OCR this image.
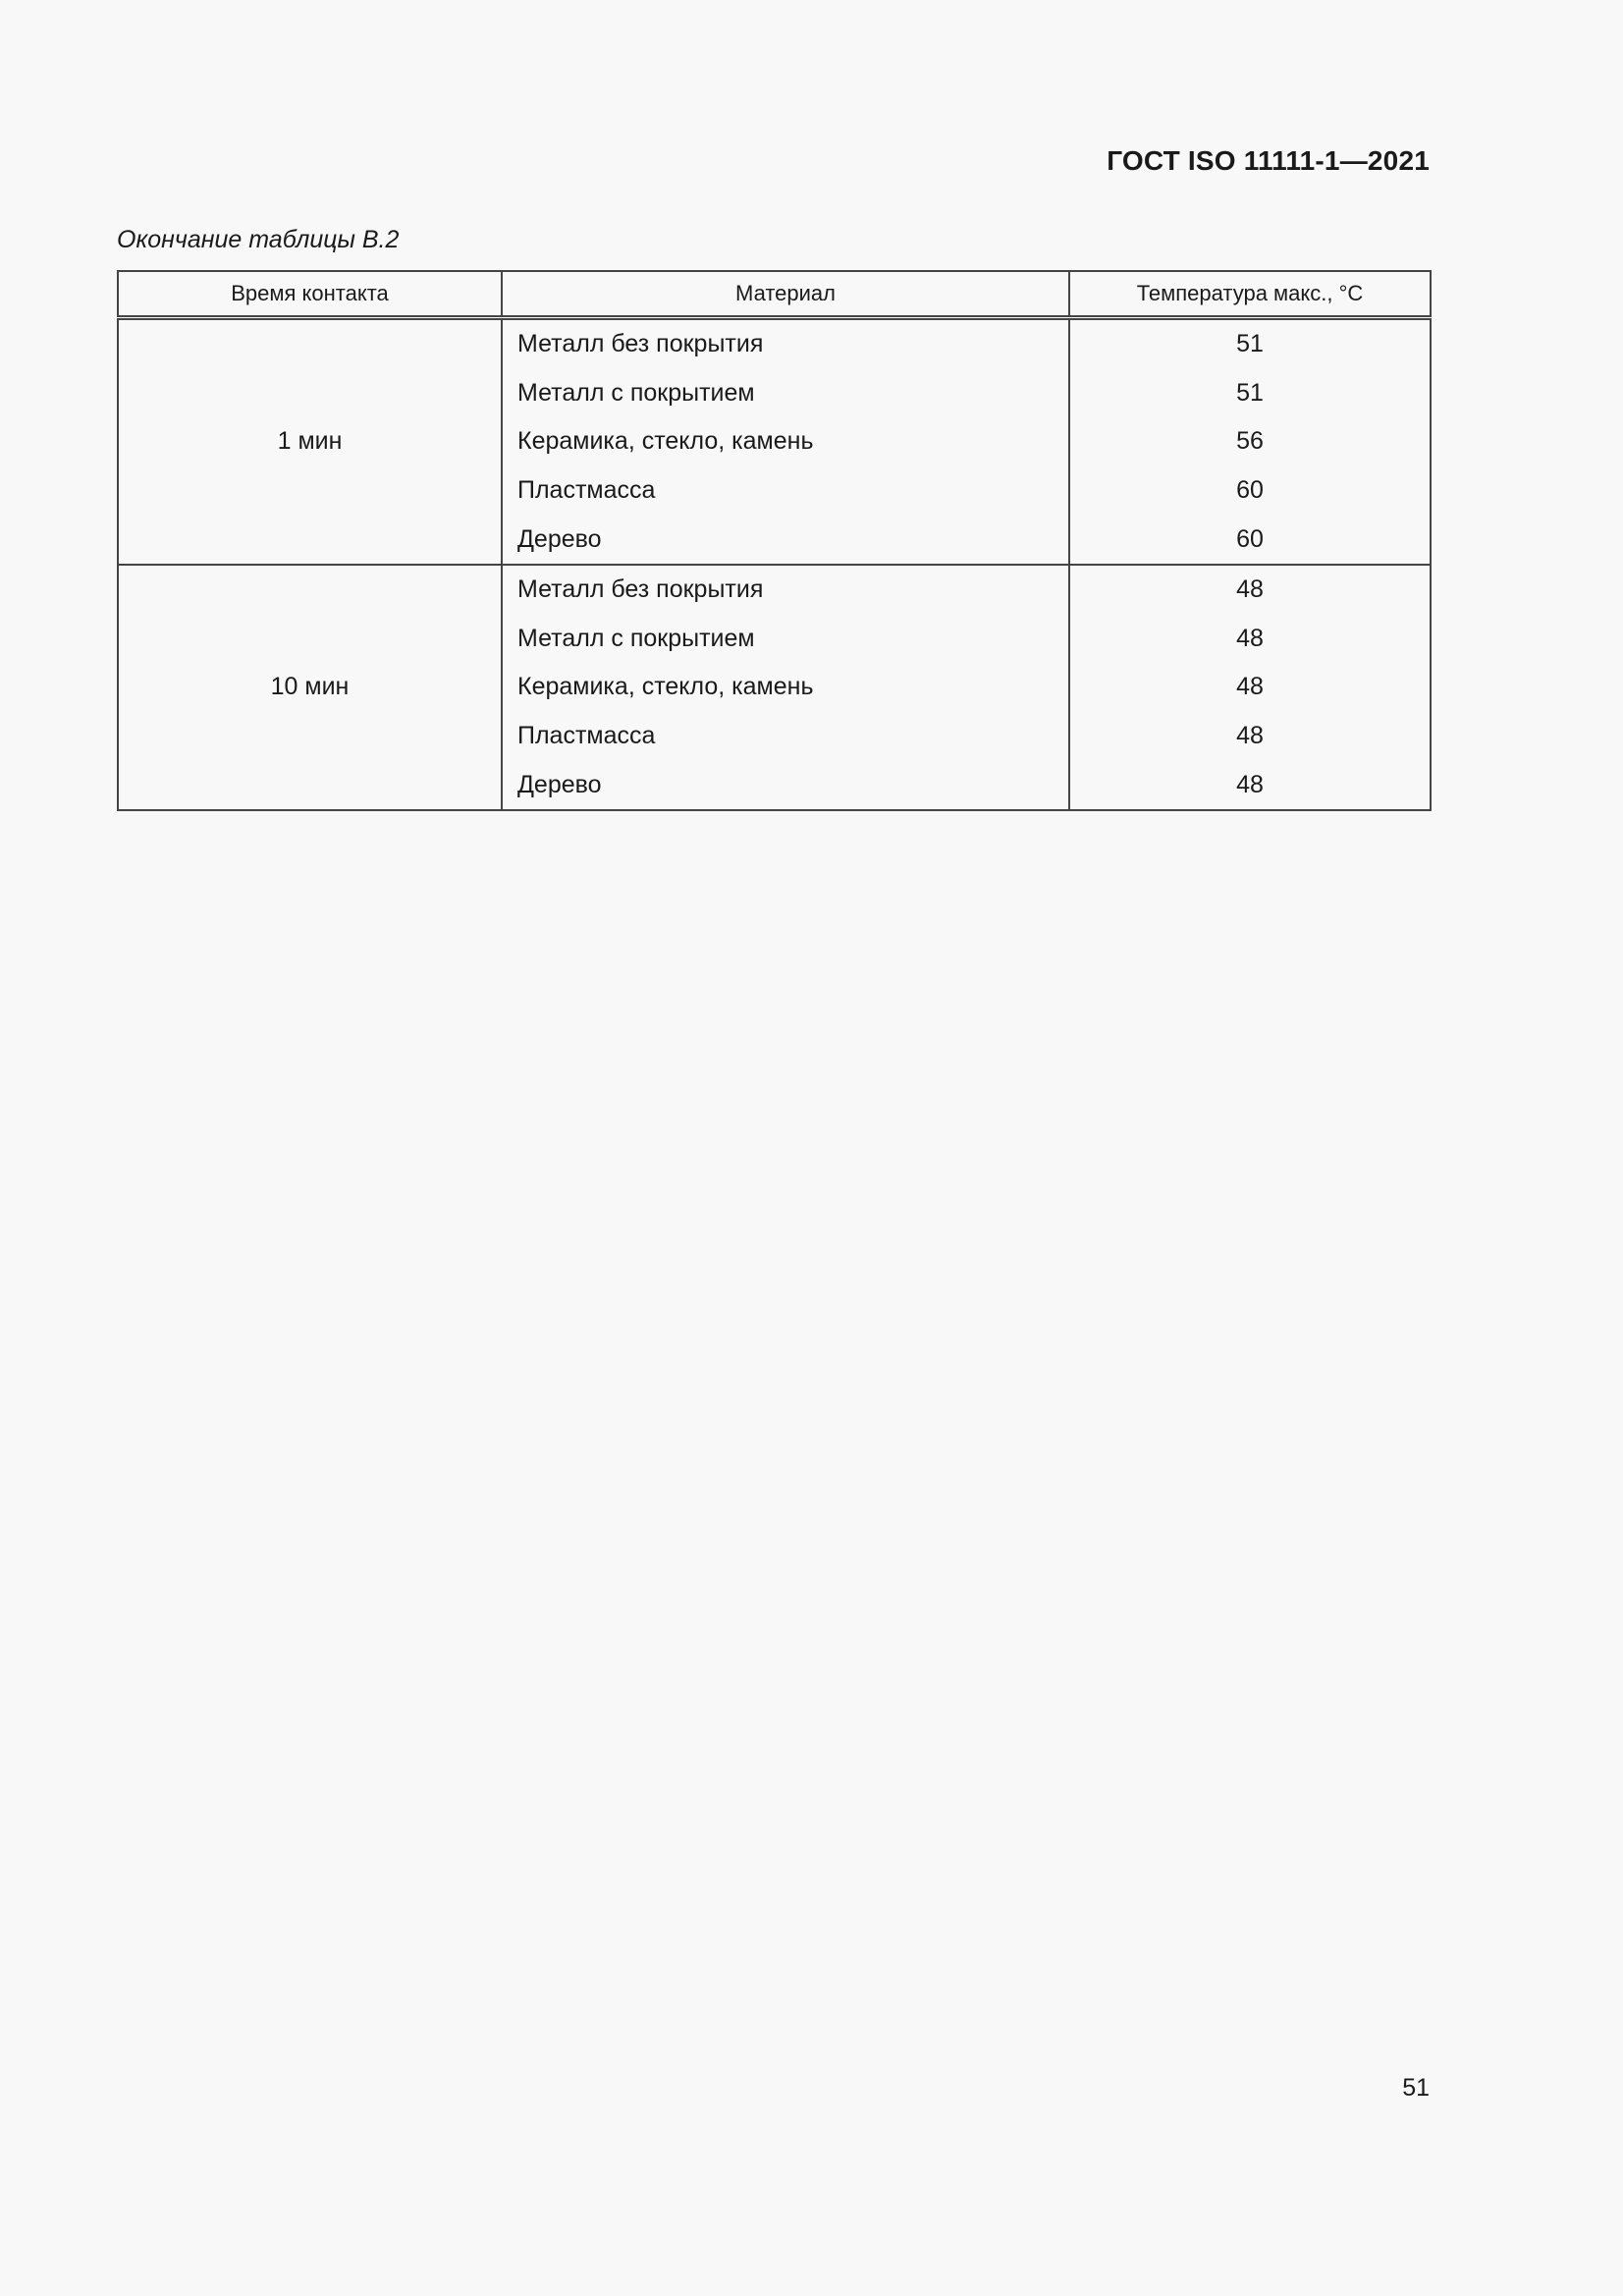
ГОСТ ISO 11111-1—2021
Окончание таблицы В.2
Время контакта	Материал	Температура макс., °C
1 мин	Металл без покрытия	51
	Металл с покрытием	51
	Керамика, стекло, камень	56
	Пластмасса	60
	Дерево	60
10 мин	Металл без покрытия	48
	Металл с покрытием	48
	Керамика, стекло, камень	48
	Пластмасса	48
	Дерево	48
51
